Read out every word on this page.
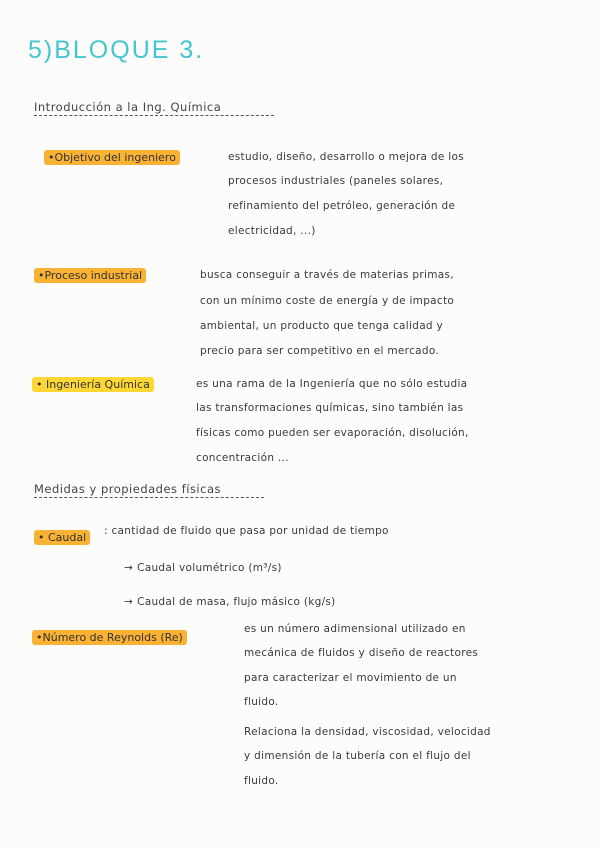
5)BLOQUE 3.
Introducción a la Ing. Química
•Objetivo del ingeniero	estudio, diseño, desarrollo o mejora de los
procesos industriales (paneles solares,
refinamiento del petróleo, generación de
electricidad, ...)
•Proceso industrial	busca conseguir a través de materias primas,
con un mínimo coste de energía y de impacto
ambiental, un producto que tenga calidad y
precio para ser competitivo en el mercado.
• Ingeniería Química	es una rama de la Ingeniería que no sólo estudia
las transformaciones químicas, sino también las
físicas como pueden ser evaporación, disolución,
concentración ...
Medidas y propiedades físicas
• Caudal	: cantidad de fluido que pasa por unidad de tiempo
→ Caudal volumétrico (m³/s)
→ Caudal de masa, flujo másico (kg/s)
•Número de Reynolds (Re)
es un número adimensional utilizado en
mecánica de fluidos y diseño de reactores
para caracterizar el movimiento de un
fluido.
Relaciona la densidad, viscosidad, velocidad
y dimensión de la tubería con el flujo del
fluido.
